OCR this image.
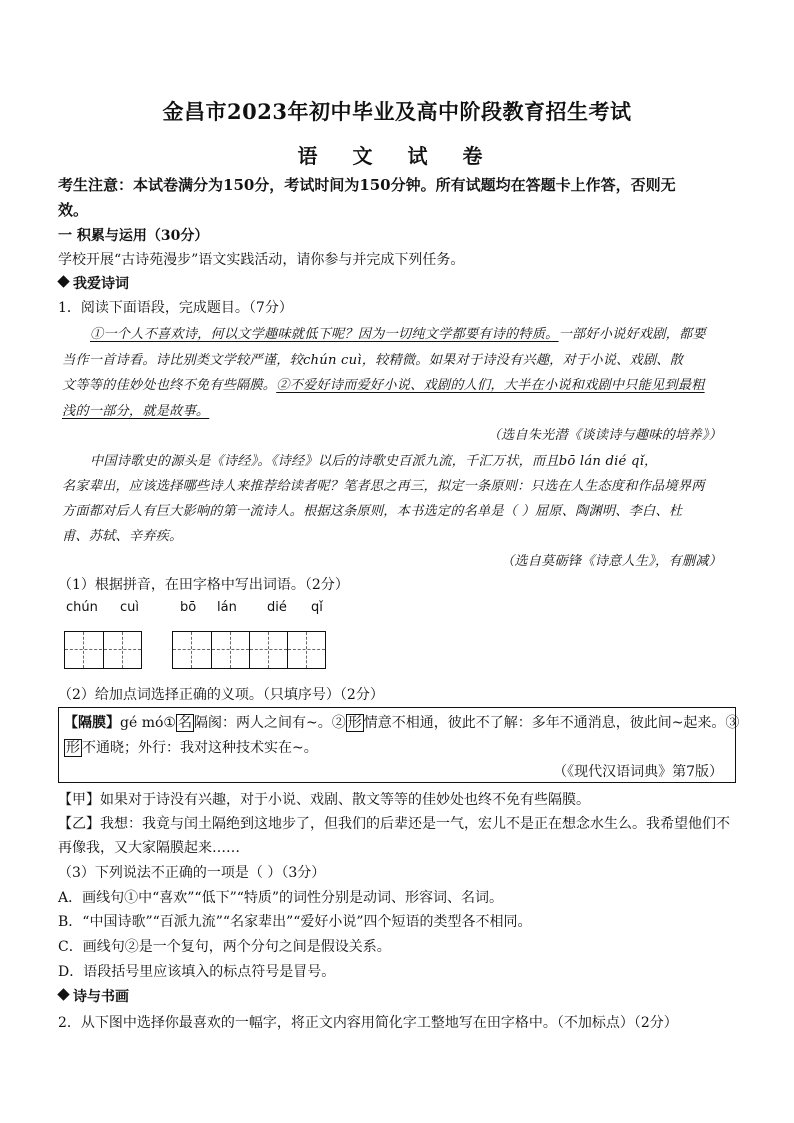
金昌市2023年初中毕业及高中阶段教育招生考试
语 文 试 卷
考生注意：本试卷满分为150分，考试时间为150分钟。所有试题均在答题卡上作答，否则无
效。
一 积累与运用（30分）
学校开展“古诗苑漫步”语文实践活动，请你参与并完成下列任务。
我爱诗词
1．阅读下面语段，完成题目。（7分）
①一个人不喜欢诗，何以文学趣味就低下呢？因为一切纯文学都要有诗的特质。一部好小说好戏剧，都要
当作一首诗看。诗比别类文学较严谨，较chún cuì，较精微。如果对于诗没有兴趣，对于小说、戏剧、散
文等等的佳妙处也终不免有些隔膜。②不爱好诗而爱好小说、戏剧的人们，大半在小说和戏剧中只能见到最粗
浅的一部分，就是故事。
（选自朱光潜《谈读诗与趣味的培养》）
中国诗歌史的源头是《诗经》。《诗经》以后的诗歌史百派九流，千汇万状，而且bō lán dié qǐ，
名家辈出，应该选择哪些诗人来推荐给读者呢？笔者思之再三，拟定一条原则：只选在人生态度和作品境界两
方面都对后人有巨大影响的第一流诗人。根据这条原则，本书选定的名单是（ ）屈原、陶渊明、李白、杜
甫、苏轼、辛弃疾。
（选自莫砺锋《诗意人生》，有删减）
（1）根据拼音，在田字格中写出词语。（2分）
chún cuì	bō lán dié qǐ
（2）给加点词选择正确的义项。（只填序号）（2分）
【隔膜】gé mó① 名 隔阂：两人之间有~。② 形 情意不相通，彼此不了解：多年不通消息，彼此间~起来。③
形 不通晓；外行：我对这种技术实在~。
（《现代汉语词典》第7版）
【甲】如果对于诗没有兴趣，对于小说、戏剧、散文等等的佳妙处也终不免有些隔膜。
【乙】我想：我竟与闰土隔绝到这地步了，但我们的后辈还是一气，宏儿不是正在想念水生么。我希望他们不
再像我，又大家隔膜起来……
（3）下列说法不正确的一项是（ ）（3分）
A．画线句①中“喜欢”“低下”“特质”的词性分别是动词、形容词、名词。
B．“中国诗歌”“百派九流”“名家辈出”“爱好小说”四个短语的类型各不相同。
C．画线句②是一个复句，两个分句之间是假设关系。
D．语段括号里应该填入的标点符号是冒号。
诗与书画
2．从下图中选择你最喜欢的一幅字，将正文内容用简化字工整地写在田字格中。（不加标点）（2分）
